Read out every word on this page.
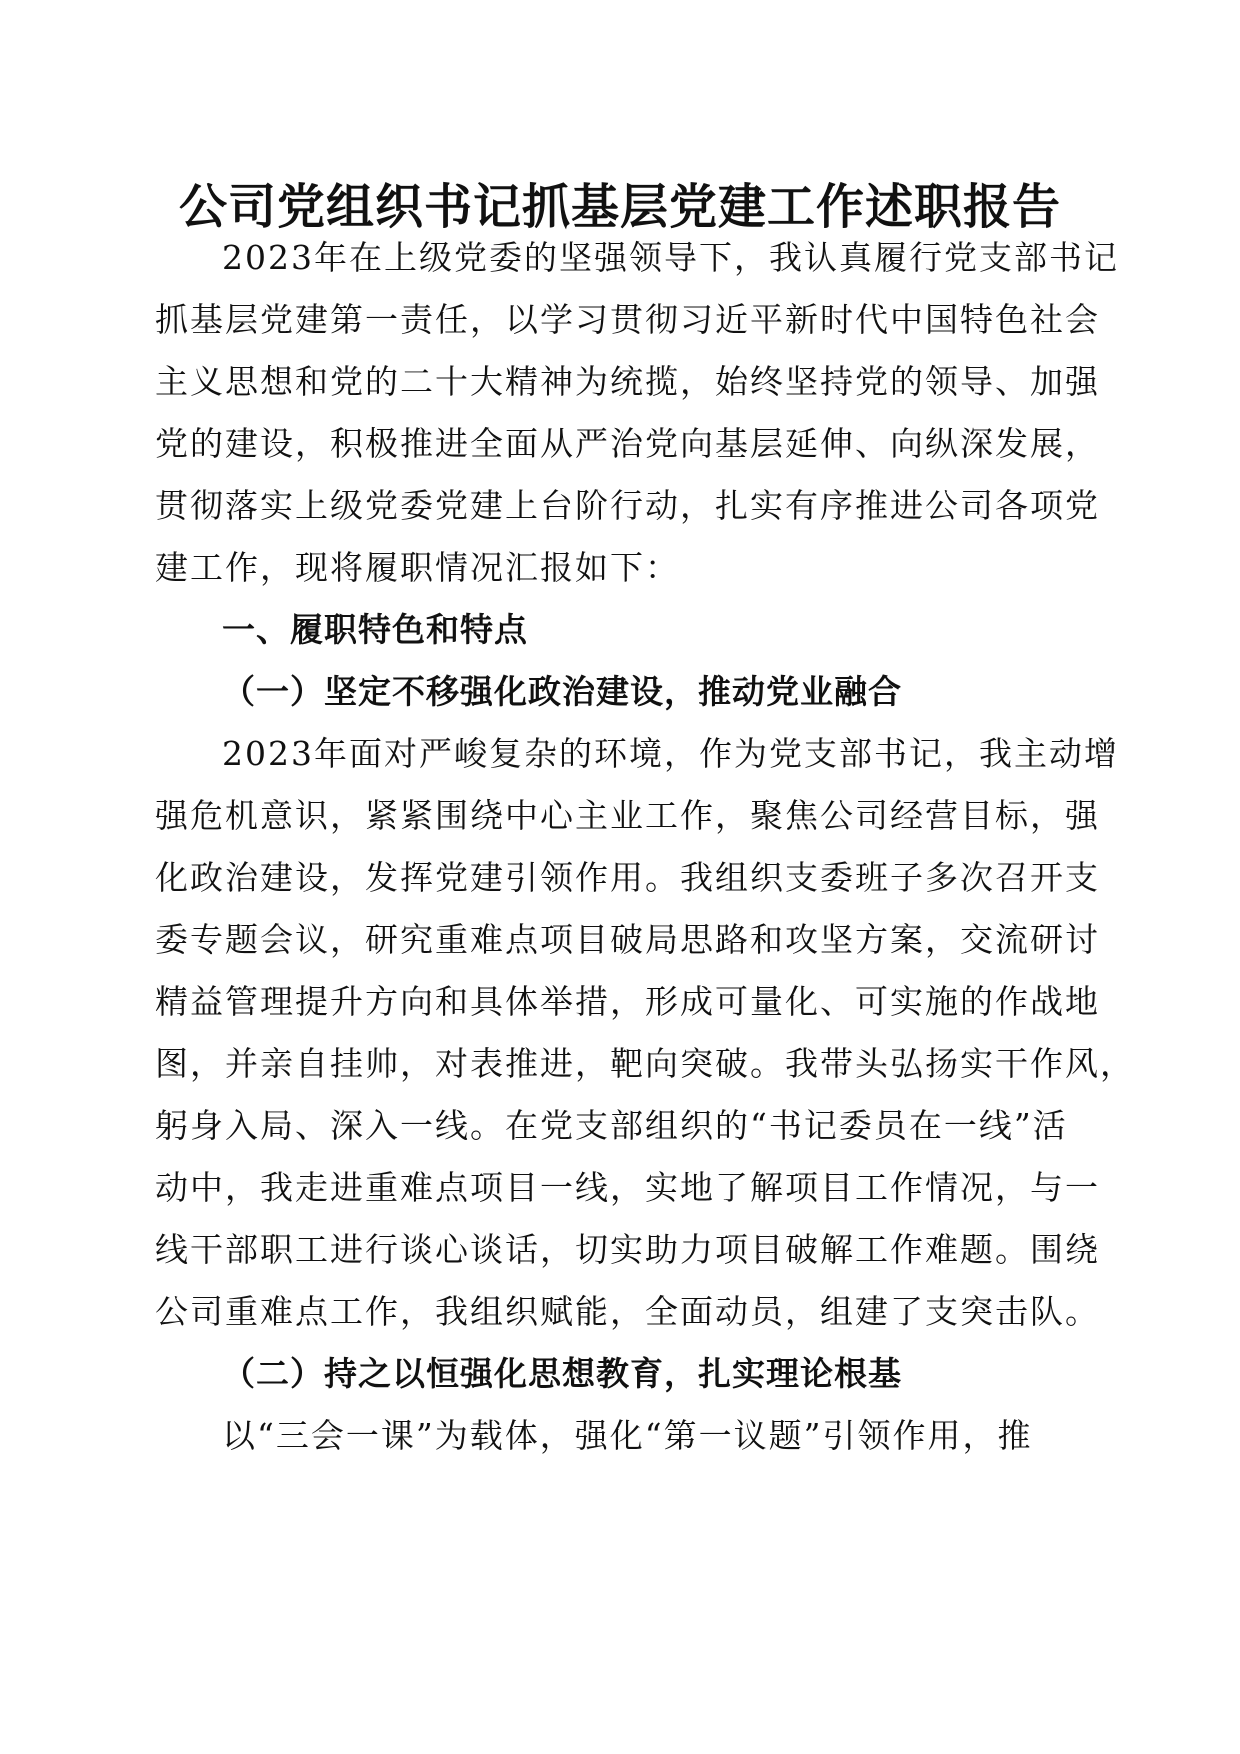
公司党组织书记抓基层党建工作述职报告

2023年在上级党委的坚强领导下，我认真履行党支部书记

抓基层党建第一责任，以学习贯彻习近平新时代中国特色社会

主义思想和党的二十大精神为统揽，始终坚持党的领导、加强

党的建设，积极推进全面从严治党向基层延伸、向纵深发展，

贯彻落实上级党委党建上台阶行动，扎实有序推进公司各项党

建工作，现将履职情况汇报如下：

一、履职特色和特点

（一）坚定不移强化政治建设，推动党业融合

2023年面对严峻复杂的环境，作为党支部书记，我主动增

强危机意识，紧紧围绕中心主业工作，聚焦公司经营目标，强

化政治建设，发挥党建引领作用。我组织支委班子多次召开支

委专题会议，研究重难点项目破局思路和攻坚方案，交流研讨

精益管理提升方向和具体举措，形成可量化、可实施的作战地

图，并亲自挂帅，对表推进，靶向突破。我带头弘扬实干作风，

躬身入局、深入一线。在党支部组织的“书记委员在一线”活

动中，我走进重难点项目一线，实地了解项目工作情况，与一

线干部职工进行谈心谈话，切实助力项目破解工作难题。围绕

公司重难点工作，我组织赋能，全面动员，组建了支突击队。

（二）持之以恒强化思想教育，扎实理论根基

以“三会一课”为载体，强化“第一议题”引领作用，推
